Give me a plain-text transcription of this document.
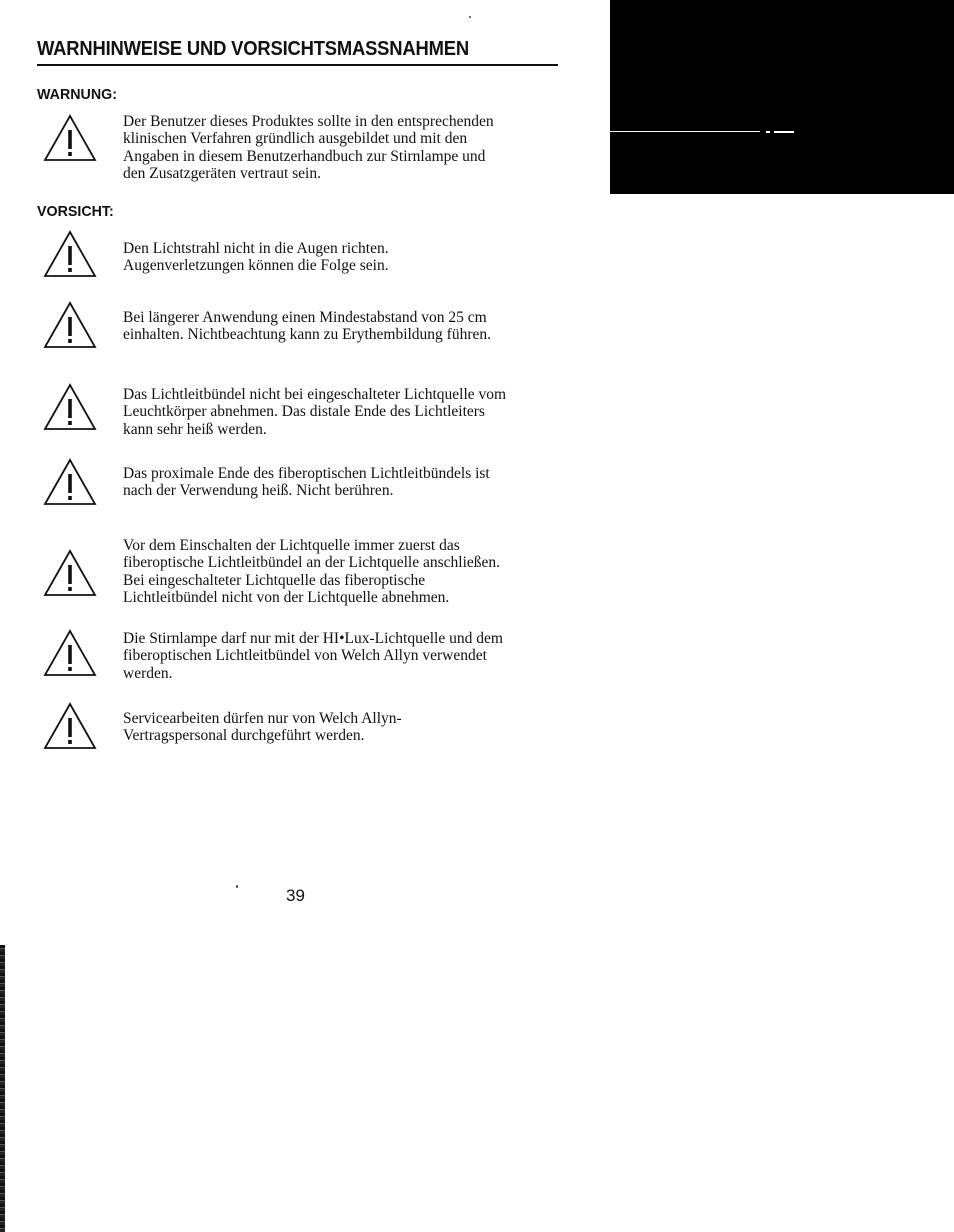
WARNHINWEISE UND VORSICHTSMASSNAHMEN
WARNUNG:
Der Benutzer dieses Produktes sollte in den entsprechenden
klinischen Verfahren gründlich ausgebildet und mit den
Angaben in diesem Benutzerhandbuch zur Stirnlampe und
den Zusatzgeräten vertraut sein.
VORSICHT:
Den Lichtstrahl nicht in die Augen richten.
Augenverletzungen können die Folge sein.
Bei längerer Anwendung einen Mindestabstand von 25 cm
einhalten. Nichtbeachtung kann zu Erythembildung führen.
Das Lichtleitbündel nicht bei eingeschalteter Lichtquelle vom
Leuchtkörper abnehmen. Das distale Ende des Lichtleiters
kann sehr heiß werden.
Das proximale Ende des fiberoptischen Lichtleitbündels ist
nach der Verwendung heiß. Nicht berühren.
Vor dem Einschalten der Lichtquelle immer zuerst das
fiberoptische Lichtleitbündel an der Lichtquelle anschließen.
Bei eingeschalteter Lichtquelle das fiberoptische
Lichtleitbündel nicht von der Lichtquelle abnehmen.
Die Stirnlampe darf nur mit der HI•Lux-Lichtquelle und dem
fiberoptischen Lichtleitbündel von Welch Allyn verwendet
werden.
Servicearbeiten dürfen nur von Welch Allyn-
Vertragspersonal durchgeführt werden.
39
